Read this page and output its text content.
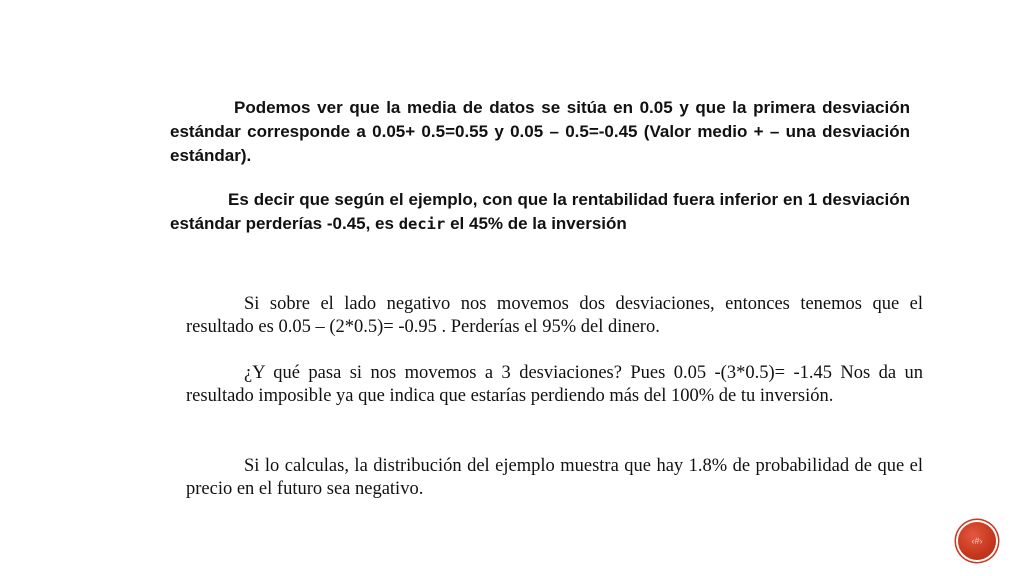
Podemos ver que la media de datos se sitúa en 0.05 y que la primera desviación estándar corresponde a 0.05+ 0.5=0.55 y 0.05 – 0.5=-0.45 (Valor medio + – una desviación estándar).

Es decir que según el ejemplo, con que la rentabilidad fuera inferior en 1 desviación estándar perderías -0.45, es decir el 45% de la inversión

Si sobre el lado negativo nos movemos dos desviaciones, entonces tenemos que el resultado es 0.05 – (2*0.5)= -0.95 . Perderías el 95% del dinero.

¿Y qué pasa si nos movemos a 3 desviaciones? Pues 0.05 -(3*0.5)= -1.45 Nos da un resultado imposible ya que indica que estarías perdiendo más del 100% de tu inversión.

Si lo calculas, la distribución del ejemplo muestra que hay 1.8% de probabilidad de que el precio en el futuro sea negativo.

‹#›
